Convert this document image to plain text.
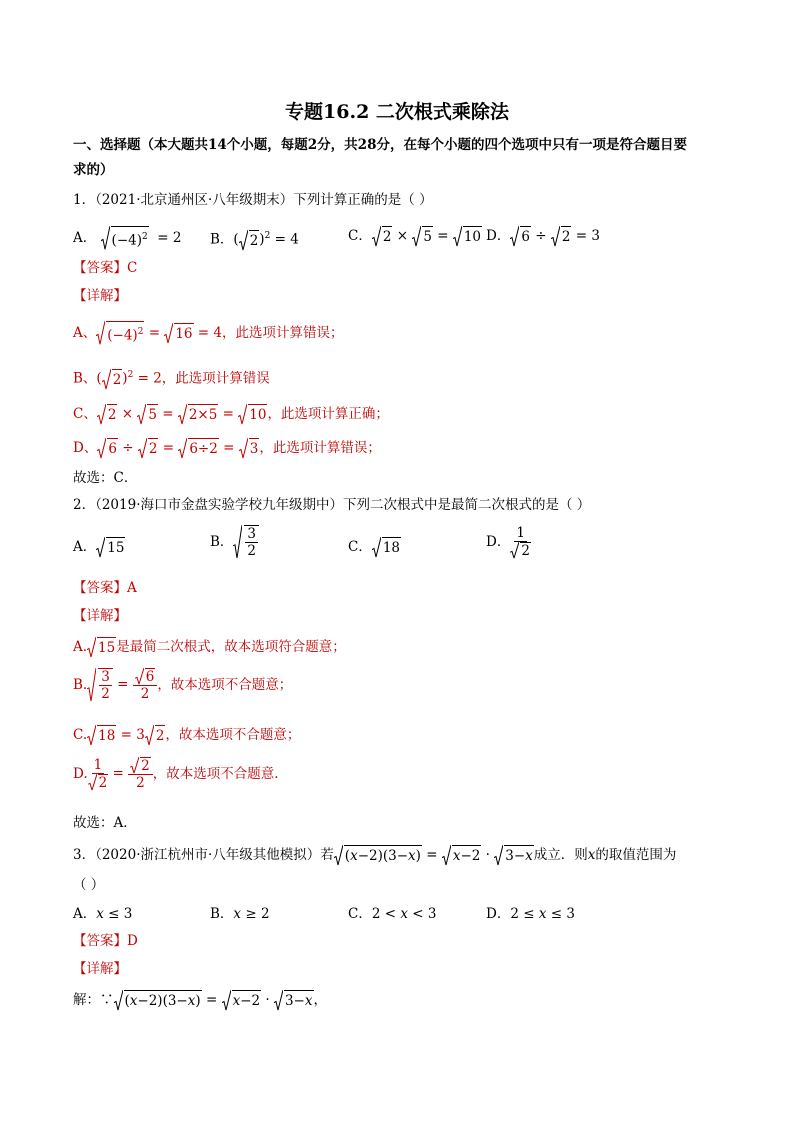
专题16.2 二次根式乘除法
一、选择题（本大题共14个小题，每题2分，共28分，在每个小题的四个选项中只有一项是符合题目要
求的）
1．（2021·北京通州区·八年级期末）下列计算正确的是（ ）
A． $(-4)^2 = 2$ B．( 2)$^2$ = 4	C． 2 ×
5 =
10 D． 6 ÷
2 = 3
【答案】C
【详解】
A、 $(-4)^2$ =
16 = 4，此选项计算错误；
B、( 2)$^2$ = 2，此选项计算错误
C、 2 ×
5 =
2×5 =
10，此选项计算正确；
D、 6 ÷
2 =
6÷2 =
3，此选项计算错误；
故选：C．
2．（2019·海口市金盘实验学校九年级期中）下列二次根式中是最简二次根式的是（ ）
A． 15	B． $\frac{3}{2}$	C． 18	D． $\frac{1}{2}$
【答案】A
【详解】
A. 15是最简二次根式，故本选项符合题意；
B. $\frac{3}{2} = \frac{6}{2}$ ，故本选项不合题意；
C. 18 = 3 2，故本选项不合题意；
D. $\frac{1}{2} = \frac{2}{2}$ ，故本选项不合题意.
故选：A．
3．（2020·浙江杭州市·八年级其他模拟）若 (x−2)(3−x) =
x−2 ·
3−x成立．则x的取值范围为
（ ）
A．x ≤ 3	B．x ≥ 2	C．2 < x < 3	D．2 ≤ x ≤ 3
【答案】D
【详解】
解：∵ (x−2)(3−x) =
x−2 ·
3−x，
